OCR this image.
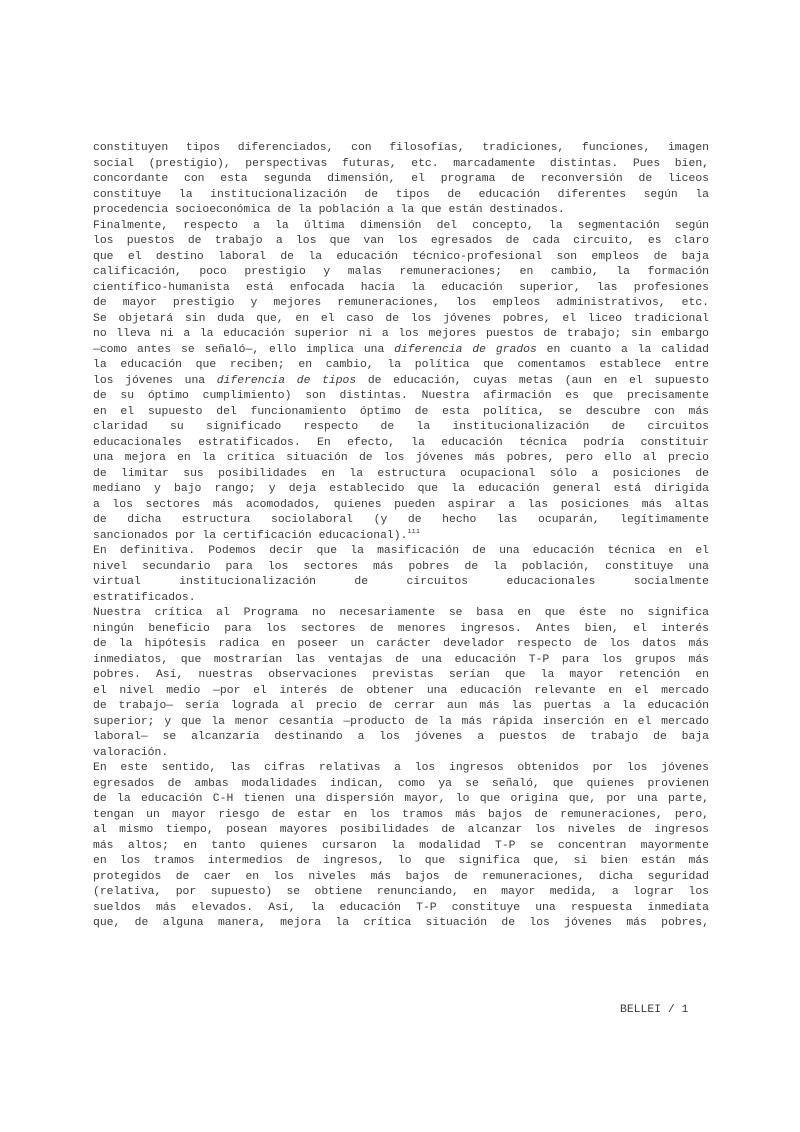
constituyen tipos diferenciados, con filosofías, tradiciones, funciones, imagen
social (prestigio), perspectivas futuras, etc. marcadamente distintas. Pues bien,
concordante con esta segunda dimensión, el programa de reconversión de liceos
constituye la institucionalización de tipos de educación diferentes según la
procedencia socioeconómica de la población a la que están destinados.
Finalmente, respecto a la última dimensión del concepto, la segmentación según
los puestos de trabajo a los que van los egresados de cada circuito, es claro
que el destino laboral de la educación técnico-profesional son empleos de baja
calificación, poco prestigio y malas remuneraciones; en cambio, la formación
científico-humanista está enfocada hacia la educación superior, las profesiones
de mayor prestigio y mejores remuneraciones, los empleos administrativos, etc.
Se objetará sin duda que, en el caso de los jóvenes pobres, el liceo tradicional
no lleva ni a la educación superior ni a los mejores puestos de trabajo; sin embargo
—como antes se señaló—, ello implica una diferencia de grados en cuanto a la calidad
la educación que reciben; en cambio, la política que comentamos establece entre
los jóvenes una diferencia de tipos de educación, cuyas metas (aun en el supuesto
de su óptimo cumplimiento) son distintas. Nuestra afirmación es que precisamente
en el supuesto del funcionamiento óptimo de esta política, se descubre con más
claridad su significado respecto de la institucionalización de circuitos
educacionales estratificados. En efecto, la educación técnica podría constituir
una mejora en la crítica situación de los jóvenes más pobres, pero ello al precio
de limitar sus posibilidades en la estructura ocupacional sólo a posiciones de
mediano y bajo rango; y deja establecido que la educación general está dirigida
a los sectores más acomodados, quienes pueden aspirar a las posiciones más altas
de dicha estructura sociolaboral (y de hecho las ocuparán, legítimamente
sancionados por la certificación educacional).$^{iii}$
En definitiva. Podemos decir que la masificación de una educación técnica en el
nivel secundario para los sectores más pobres de la población, constituye una
virtual institucionalización de circuitos educacionales socialmente
estratificados.
Nuestra crítica al Programa no necesariamente se basa en que éste no significa
ningún beneficio para los sectores de menores ingresos. Antes bien, el interés
de la hipótesis radica en poseer un carácter develador respecto de los datos más
inmediatos, que mostrarían las ventajas de una educación T-P para los grupos más
pobres. Así, nuestras observaciones previstas serían que la mayor retención en
el nivel medio —por el interés de obtener una educación relevante en el mercado
de trabajo— sería lograda al precio de cerrar aun más las puertas a la educación
superior; y que la menor cesantía —producto de la más rápida inserción en el mercado
laboral— se alcanzaría destinando a los jóvenes a puestos de trabajo de baja
valoración.
En este sentido, las cifras relativas a los ingresos obtenidos por los jóvenes
egresados de ambas modalidades indican, como ya se señaló, que quienes provienen
de la educación C-H tienen una dispersión mayor, lo que origina que, por una parte,
tengan un mayor riesgo de estar en los tramos más bajos de remuneraciones, pero,
al mismo tiempo, posean mayores posibilidades de alcanzar los niveles de ingresos
más altos; en tanto quienes cursaron la modalidad T-P se concentran mayormente
en los tramos intermedios de ingresos, lo que significa que, si bien están más
protegidos de caer en los niveles más bajos de remuneraciones, dicha seguridad
(relativa, por supuesto) se obtiene renunciando, en mayor medida, a lograr los
sueldos más elevados. Así, la educación T-P constituye una respuesta inmediata
que, de alguna manera, mejora la crítica situación de los jóvenes más pobres,
BELLEI / 1
